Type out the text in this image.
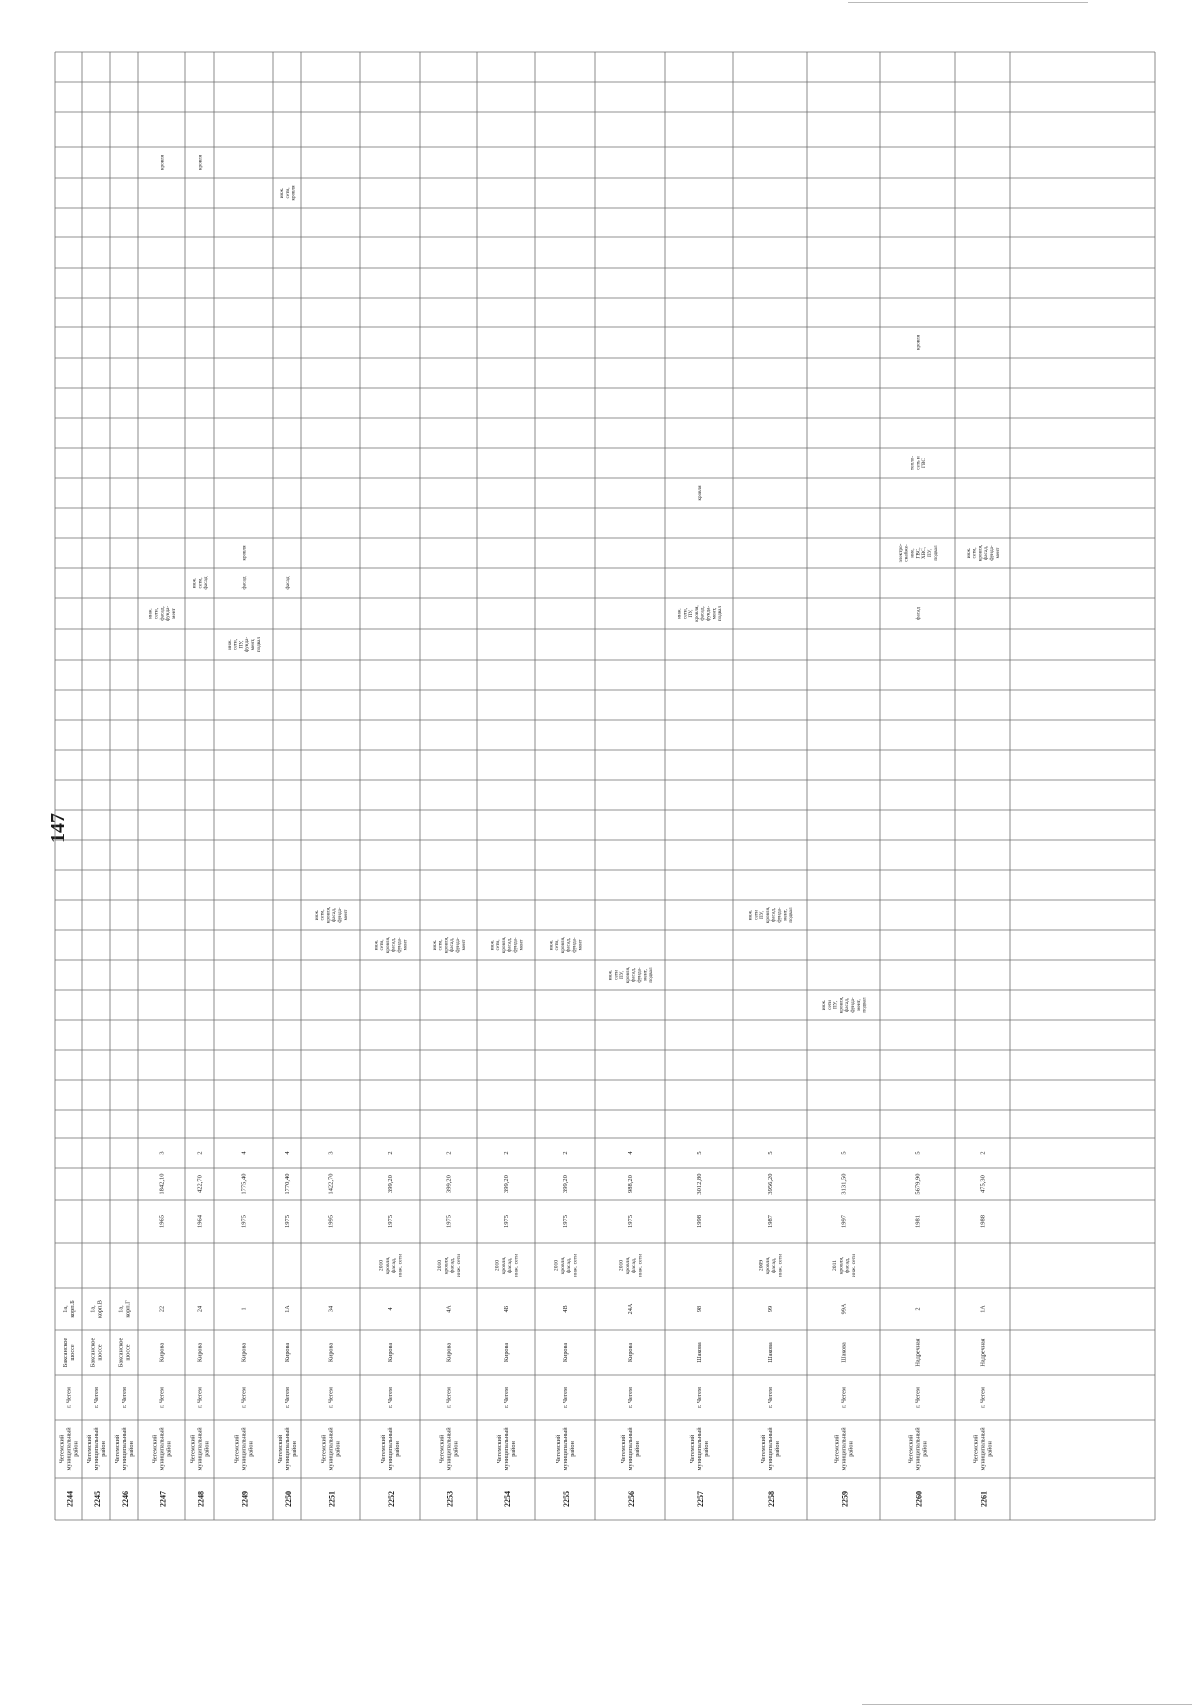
147
2244
Чегемский муниципальный район
г. Чегем
Баксанское шоссе
1а, корп.Б
2245
Чегемский муниципальный район
г. Чегем
Баксанское шоссе
1а, корп.В
2246
Чегемский муниципальный район
г. Чегем
Баксанское шоссе
1а, корп.Г
2247
Чегемский муниципальный район
г. Чегем
Кирова
22
1965
1842,10
3
кровля
инж. сети, фасад, фунда- мент
2248
Чегемский муниципальный район
г. Чегем
Кирова
24
1964
422,70
2
кровля
инж. сети, фасад
2249
Чегемский муниципальный район
г. Чегем
Кирова
1
1975
1775,40
4
кровля
фасад
инж. сети, ПУ, фунда- мент, подвал
2250
Чегемский муниципальный район
г. Чегем
Кирова
1А
1975
1770,40
4
инж. сети, кровля
фасад
2251
Чегемский муниципальный район
г. Чегем
Кирова
34
1995
1422,70
3
инж. сети, кровля, фасад, фунда- мент
2252
Чегемский муниципальный район
г. Чегем
Кирова
4
2010 кровля, фасад, инж. сети
1975
399,20
2
инж. сети, кровля, фасад, фунда- мент
2253
Чегемский муниципальный район
г. Чегем
Кирова
4А
2010 кровля, фасад, инж. сети
1975
399,20
2
инж. сети, кровля, фасад, фунда- мент
2254
Чегемский муниципальный район
г. Чегем
Кирова
4Б
2010 кровля, фасад, инж. сети
1975
399,20
2
инж. сети, кровля, фасад, фунда- мент
2255
Чегемский муниципальный район
г. Чегем
Кирова
4В
2010 кровля, фасад, инж. сети
1975
399,20
2
инж. сети, кровля, фасад, фунда- мент
2256
Чегемский муниципальный район
г. Чегем
Кирова
24А
2010 кровля, фасад, инж. сети
1975
988,20
4
инж. сети ПУ, кровля, фасад, фунда- мент, подвал
2257
Чегемский муниципальный район
г. Чегем
Шакова
98
1998
3012,80
5
кровля
инж. сети, ПУ, кровля, фасад, фунда- мент, подвал
2258
Чегемский муниципальный район
г. Чегем
Шакова
99
2009 кровля, фасад, инж. сети
1987
3956,20
5
инж. сети ПУ, кровля, фасад, фунда- мент, подвал
2259
Чегемский муниципальный район
г. Чегем
Шакова
99А
2011 кровля, фасад, инж. сети
1997
3131,50
5
инж. сети ПУ, кровля, фасад, фунда- мент, подвал
2260
Чегемский муниципальный район
г. Чегем
Надречная
2
1981
5679,90
5
кровля
тепло- сеть и ГВС
электро- снабже- ние, ГВС, ХВС, ПУ, подвал
фасад
2261
Чегемский муниципальный район
г. Чегем
Надречная
1А
1988
475,30
2
инж. сети, кровля, фасад, фунда- мент
